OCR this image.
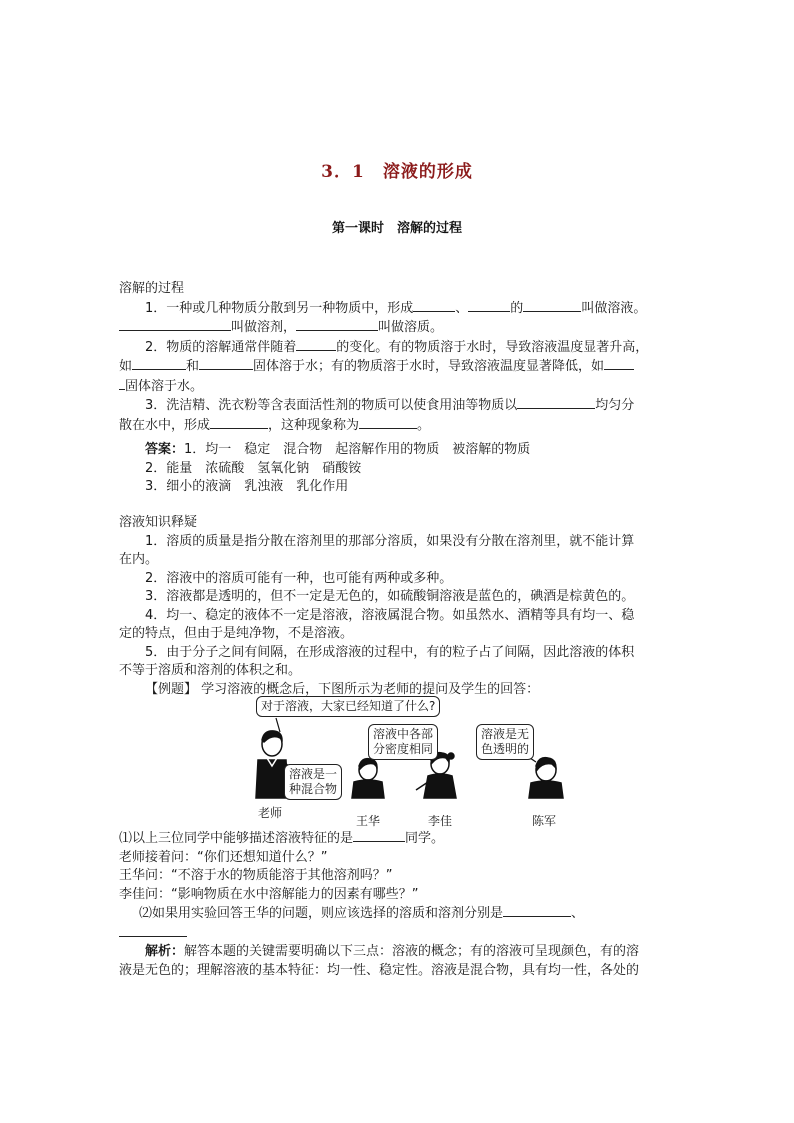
3．1　溶液的形成
第一课时　溶解的过程

溶解的过程

1．一种或几种物质分散到另一种物质中，形成	、	的	叫做溶液。

叫做溶剂，	叫做溶质。

2．物质的溶解通常伴随着	的变化。有的物质溶于水时，导致溶液温度显著升高，

如	和	固体溶于水；有的物质溶于水时，导致溶液温度显著降低，如

固体溶于水。

3．洗洁精、洗衣粉等含表面活性剂的物质可以使食用油等物质以	均匀分

散在水中，形成	，这种现象称为	。

答案：1．均一　稳定　混合物　起溶解作用的物质　被溶解的物质

2．能量　浓硫酸　氢氧化钠　硝酸铵

3．细小的液滴　乳浊液　乳化作用

溶液知识释疑

1．溶质的质量是指分散在溶剂里的那部分溶质，如果没有分散在溶剂里，就不能计算

在内。

2．溶液中的溶质可能有一种，也可能有两种或多种。

3．溶液都是透明的，但不一定是无色的，如硫酸铜溶液是蓝色的，碘酒是棕黄色的。

4．均一、稳定的液体不一定是溶液，溶液属混合物。如虽然水、酒精等具有均一、稳

定的特点，但由于是纯净物，不是溶液。

5．由于分子之间有间隔，在形成溶液的过程中，有的粒子占了间隔，因此溶液的体积

不等于溶质和溶剂的体积之和。

【例题】 学习溶液的概念后，下图所示为老师的提问及学生的回答：

对于溶液，大家已经知道了什么?
溶液是一
种混合物
溶液中各部
分密度相同
溶液是无
色透明的
老师
王华	李佳	陈军

⑴以上三位同学中能够描述溶液特征的是	同学。

老师接着问：“你们还想知道什么？”

王华问：“不溶于水的物质能溶于其他溶剂吗？”

李佳问：“影响物质在水中溶解能力的因素有哪些？”

⑵如果用实验回答王华的问题，则应该选择的溶质和溶剂分别是	、

解析：解答本题的关键需要明确以下三点：溶液的概念；有的溶液可呈现颜色，有的溶

液是无色的；理解溶液的基本特征：均一性、稳定性。溶液是混合物，具有均一性，各处的
